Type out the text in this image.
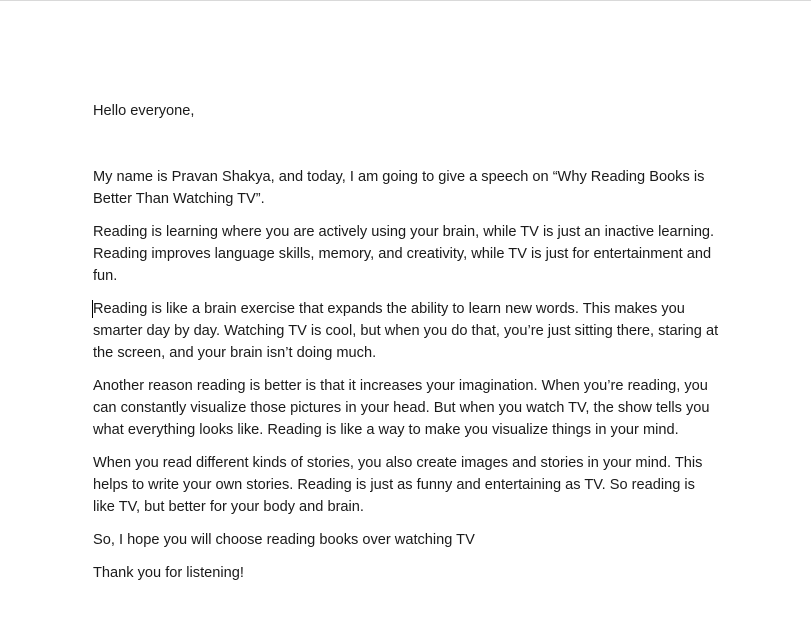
Hello everyone,

My name is Pravan Shakya, and today, I am going to give a speech on “Why Reading Books is Better Than Watching TV”.

Reading is learning where you are actively using your brain, while TV is just an inactive learning. Reading improves language skills, memory, and creativity, while TV is just for entertainment and fun.

Reading is like a brain exercise that expands the ability to learn new words. This makes you smarter day by day. Watching TV is cool, but when you do that, you’re just sitting there, staring at the screen, and your brain isn’t doing much.

Another reason reading is better is that it increases your imagination. When you’re reading, you can constantly visualize those pictures in your head. But when you watch TV, the show tells you what everything looks like. Reading is like a way to make you visualize things in your mind.

When you read different kinds of stories, you also create images and stories in your mind. This helps to write your own stories. Reading is just as funny and entertaining as TV. So reading is like TV, but better for your body and brain.

So, I hope you will choose reading books over watching TV

Thank you for listening!
